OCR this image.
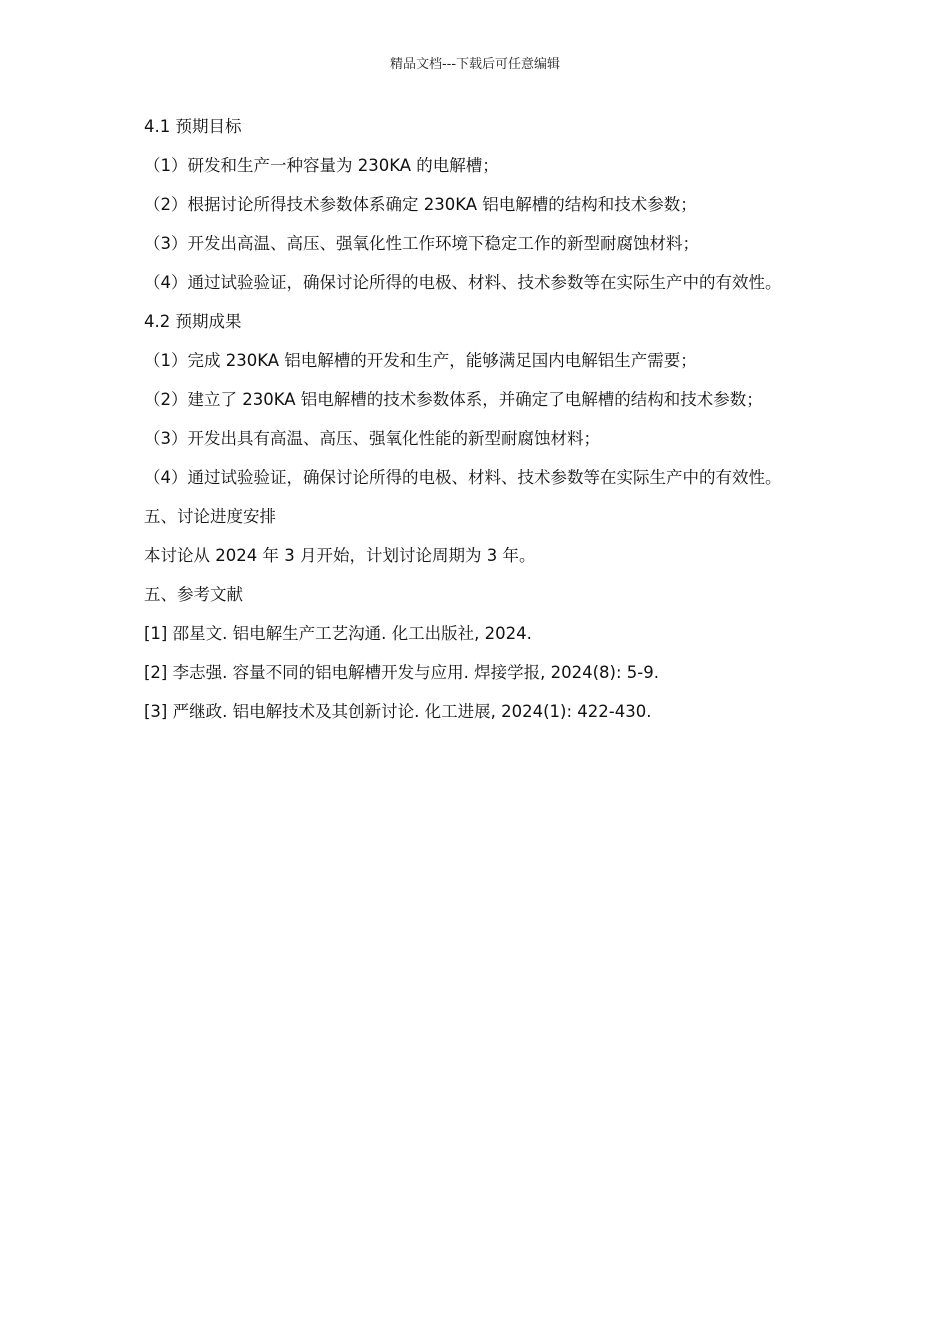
精品文档---下载后可任意编辑
4.1 预期目标
（1）研发和生产一种容量为 230KA 的电解槽；
（2）根据讨论所得技术参数体系确定 230KA 铝电解槽的结构和技术参数；
（3）开发出高温、高压、强氧化性工作环境下稳定工作的新型耐腐蚀材料；
（4）通过试验验证，确保讨论所得的电极、材料、技术参数等在实际生产中的有效性。
4.2 预期成果
（1）完成 230KA 铝电解槽的开发和生产，能够满足国内电解铝生产需要；
（2）建立了 230KA 铝电解槽的技术参数体系，并确定了电解槽的结构和技术参数；
（3）开发出具有高温、高压、强氧化性能的新型耐腐蚀材料；
（4）通过试验验证，确保讨论所得的电极、材料、技术参数等在实际生产中的有效性。
五、讨论进度安排
本讨论从 2024 年 3 月开始，计划讨论周期为 3 年。
五、参考文献
[1] 邵星文. 铝电解生产工艺沟通. 化工出版社, 2024.
[2] 李志强. 容量不同的铝电解槽开发与应用. 焊接学报, 2024(8): 5-9.
[3] 严继政. 铝电解技术及其创新讨论. 化工进展, 2024(1): 422-430.
